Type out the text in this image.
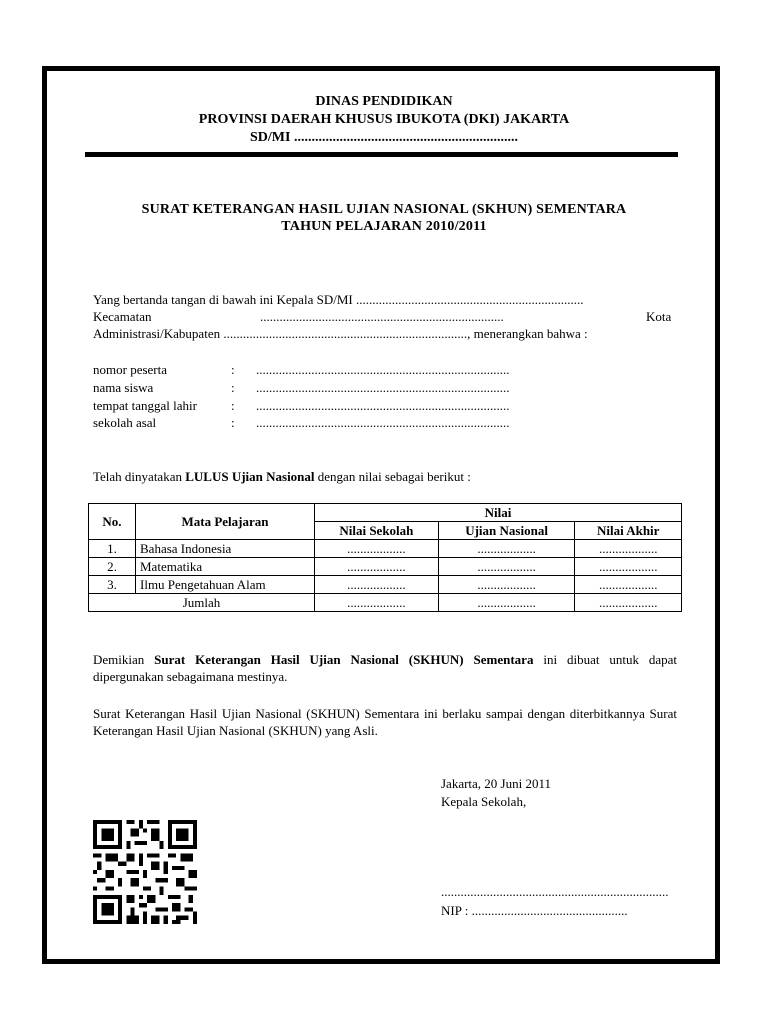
DINAS PENDIDIKAN
PROVINSI DAERAH KHUSUS IBUKOTA (DKI) JAKARTA
SD/MI ................................................................
SURAT KETERANGAN HASIL UJIAN NASIONAL (SKHUN) SEMENTARA
TAHUN PELAJARAN 2010/2011
Yang bertanda tangan di bawah ini Kepala SD/MI ......................................................................
Kecamatan	...........................................................................	Kota
Administrasi/Kabupaten ..........................................................................., menerangkan bahwa :
nomor peserta	: ..............................................................................
nama siswa	: ..............................................................................
tempat tanggal lahir	: ..............................................................................
sekolah asal	: ..............................................................................
Telah dinyatakan LULUS Ujian Nasional dengan nilai sebagai berikut :
No.	Mata Pelajaran	Nilai		
		Nilai Sekolah	Ujian Nasional	Nilai Akhir
1.	Bahasa Indonesia	..................	..................	..................
2.	Matematika	..................	..................	..................
3.	Ilmu Pengetahuan Alam	..................	..................	..................
Jumlah		..................	..................	..................
Demikian Surat Keterangan Hasil Ujian Nasional (SKHUN) Sementara ini dibuat untuk dapat dipergunakan sebagaimana mestinya.
Surat Keterangan Hasil Ujian Nasional (SKHUN) Sementara ini berlaku sampai dengan diterbitkannya Surat Keterangan Hasil Ujian Nasional (SKHUN) yang Asli.
Jakarta, 20 Juni 2011
Kepala Sekolah,
......................................................................
NIP : ................................................
